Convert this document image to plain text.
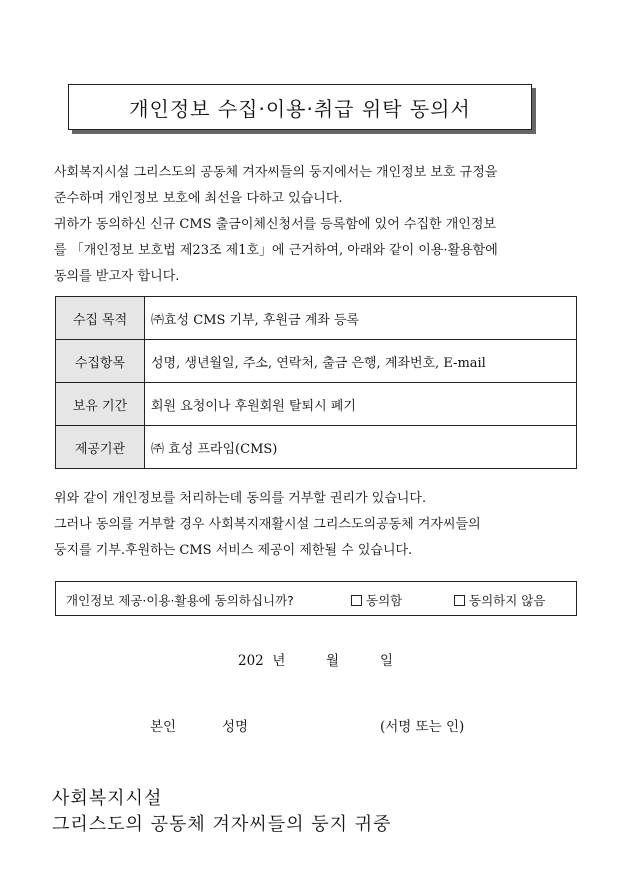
개인정보 수집·이용·취급 위탁 동의서
사회복지시설 그리스도의 공동체 겨자씨들의 둥지에서는 개인정보 보호 규정을
준수하며 개인정보 보호에 최선을 다하고 있습니다.
귀하가 동의하신 신규 CMS 출금이체신청서를 등록함에 있어 수집한 개인정보
를 「개인정보 보호법 제23조 제1호」에 근거하여, 아래와 같이 이용·활용함에
동의를 받고자 합니다.
수집 목적	㈜효성 CMS 기부, 후원금 계좌 등록
수집항목	성명, 생년월일, 주소, 연락처, 출금 은행, 계좌번호, E-mail
보유 기간	회원 요청이나 후원회원 탈퇴시 폐기
제공기관	㈜ 효성 프라임(CMS)
위와 같이 개인정보를 처리하는데 동의를 거부할 권리가 있습니다.
그러나 동의를 거부할 경우 사회복지재활시설 그리스도의공동체 겨자씨들의
둥지를 기부.후원하는 CMS 서비스 제공이 제한될 수 있습니다.
개인정보 제공·이용·활용에 동의하십니까?	동의함	동의하지 않음
202  년	월	일
본인	성명	(서명 또는 인)
사회복지시설
그리스도의 공동체 겨자씨들의 둥지 귀중
